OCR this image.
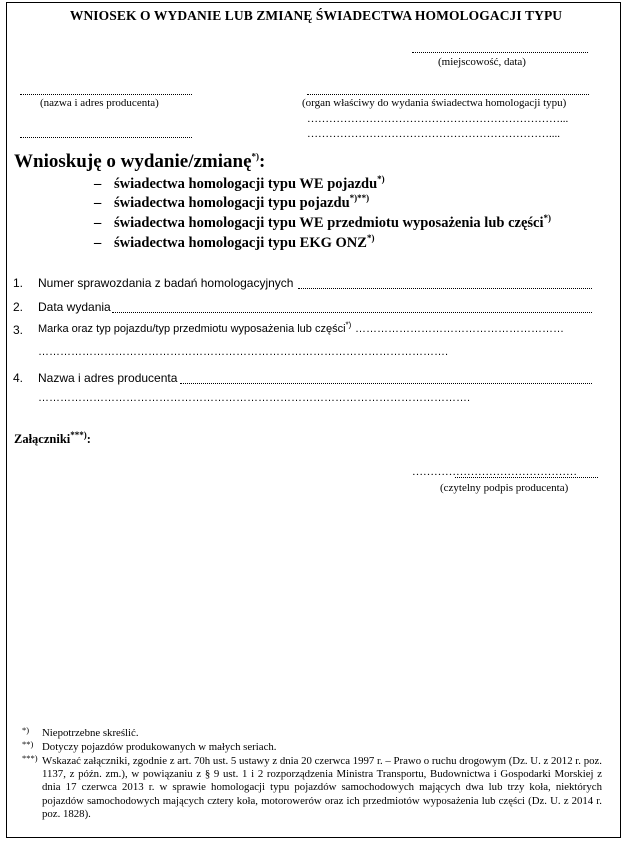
WNIOSEK O WYDANIE LUB ZMIANĘ ŚWIADECTWA HOMOLOGACJI TYPU
(miejscowość, data)
(nazwa i adres producenta)	(organ właściwy do wydania świadectwa homologacji typu)
……………………………………………………………...
…………………………………………………………....
Wnioskuję o wydanie/zmianę*):
– świadectwa homologacji typu WE pojazdu*)
– świadectwa homologacji typu pojazdu*)**)
– świadectwa homologacji typu WE przedmiotu wyposażenia lub części*)
– świadectwa homologacji typu EKG ONZ*)
1. Numer sprawozdania z badań homologacyjnych
2. Data wydania
3. Marka oraz typ pojazdu/typ przedmiotu wyposażenia lub części*) …………………………………………………
………………………………………………………………………………………………….
4. Nazwa i adres producenta
……………………………………………………………………………………………………….
Załączniki***):
………………………………………
(czytelny podpis producenta)
*) Niepotrzebne skreślić.
**) Dotyczy pojazdów produkowanych w małych seriach.
***) Wskazać załączniki, zgodnie z art. 70h ust. 5 ustawy z dnia 20 czerwca 1997 r. – Prawo o ruchu drogowym (Dz. U. z 2012 r. poz. 1137, z późn. zm.), w powiązaniu z § 9 ust. 1 i 2 rozporządzenia Ministra Transportu, Budownictwa i Gospodarki Morskiej z dnia 17 czerwca 2013 r. w sprawie homologacji typu pojazdów samochodowych mających dwa lub trzy koła, niektórych pojazdów samochodowych mających cztery koła, motorowerów oraz ich przedmiotów wyposażenia lub części (Dz. U. z 2014 r. poz. 1828).
